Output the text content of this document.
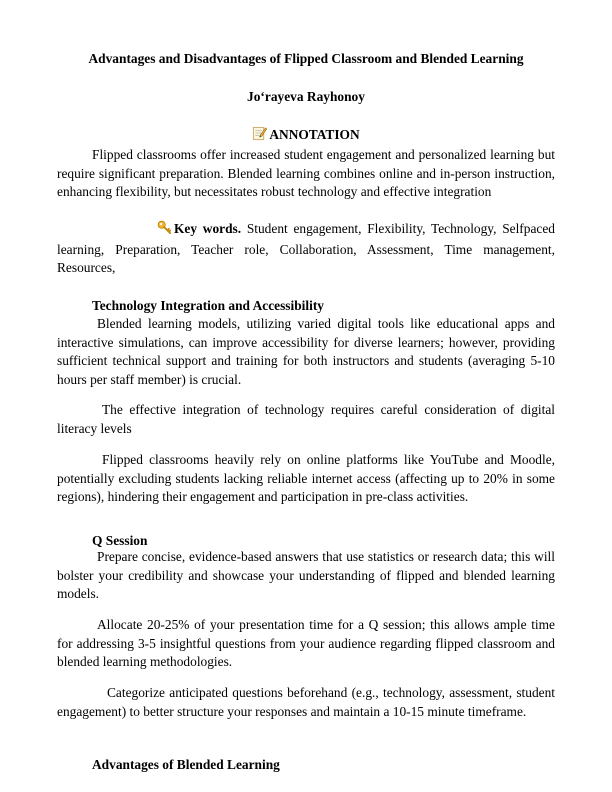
Advantages and Disadvantages of Flipped Classroom and Blended Learning
Jo‘rayeva Rayhonoy
ANNOTATION

Flipped classrooms offer increased student engagement and personalized learning but require significant preparation. Blended learning combines online and in-person instruction, enhancing flexibility, but necessitates robust technology and effective integration

Key words. Student engagement, Flexibility, Technology, Selfpaced learning, Preparation, Teacher role, Collaboration, Assessment, Time management, Resources,

Technology Integration and Accessibility

Blended learning models, utilizing varied digital tools like educational apps and interactive simulations, can improve accessibility for diverse learners; however, providing sufficient technical support and training for both instructors and students (averaging 5-10 hours per staff member) is crucial.

The effective integration of technology requires careful consideration of digital literacy levels

Flipped classrooms heavily rely on online platforms like YouTube and Moodle, potentially excluding students lacking reliable internet access (affecting up to 20% in some regions), hindering their engagement and participation in pre-class activities.

Q Session

Prepare concise, evidence-based answers that use statistics or research data; this will bolster your credibility and showcase your understanding of flipped and blended learning models.

Allocate 20-25% of your presentation time for a Q session; this allows ample time for addressing 3-5 insightful questions from your audience regarding flipped classroom and blended learning methodologies.

Categorize anticipated questions beforehand (e.g., technology, assessment, student engagement) to better structure your responses and maintain a 10-15 minute timeframe.

Advantages of Blended Learning
